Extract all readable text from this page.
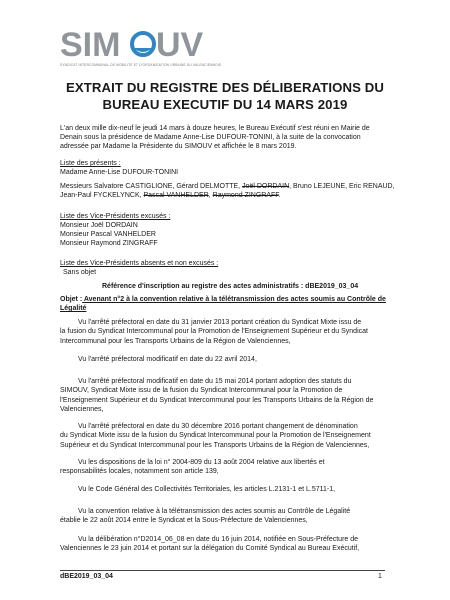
SIM UV
SYNDICAT INTERCOMMUNAL DE MOBILITÉ ET D'ORGANISATION URBAINE DU VALENCIENNOIS
EXTRAIT DU REGISTRE DES DÉLIBERATIONS DU
BUREAU EXECUTIF DU 14 MARS 2019
L'an deux mille dix-neuf le jeudi 14 mars à douze heures, le Bureau Exécutif s'est réuni en Mairie de
Denain sous la présidence de Madame Anne-Lise DUFOUR-TONINI, à la suite de la convocation
adressée par Madame la Présidente du SIMOUV et affichée le 8 mars 2019.
Liste des présents :
Madame Anne-Lise DUFOUR-TONINI
Messieurs Salvatore CASTIGLIONE, Gérard DELMOTTE, Joël DORDAIN, Bruno LEJEUNE, Eric RENAUD,
Jean-Paul FYCKELYNCK, Pascal VANHELDER, Raymond ZINGRAFF.
Liste des Vice-Présidents excusés :
Monsieur Joël DORDAIN
Monsieur Pascal VANHELDER
Monsieur Raymond ZINGRAFF
Liste des Vice-Présidents absents et non excusés :
Sans objet
Référence d'inscription au registre des actes administratifs : dBE2019_03_04
Objet : Avenant n°2 à la convention relative à la télétransmission des actes soumis au Contrôle de
Légalité
Vu l'arrêté préfectoral en date du 31 janvier 2013 portant création du Syndicat Mixte issu de
la fusion du Syndicat Intercommunal pour la Promotion de l'Enseignement Supérieur et du Syndicat
Intercommunal pour les Transports Urbains de la Région de Valenciennes,
Vu l'arrêté préfectoral modificatif en date du 22 avril 2014,
Vu l'arrêté préfectoral modificatif en date du 15 mai 2014 portant adoption des statuts du
SIMOUV, Syndicat Mixte issu de la fusion du Syndicat Intercommunal pour la Promotion de
l'Enseignement Supérieur et du Syndicat Intercommunal pour les Transports Urbains de la Région de
Valenciennes,
Vu l'arrêté préfectoral en date du 30 décembre 2016 portant changement de dénomination
du Syndicat Mixte issu de la fusion du Syndicat Intercommunal pour la Promotion de l'Enseignement
Supérieur et du Syndicat Intercommunal pour les Transports Urbains de la Région de Valenciennes,
Vu les dispositions de la loi n° 2004-809 du 13 août 2004 relative aux libertés et
responsabilités locales, notamment son article 139,
Vu le Code Général des Collectivités Territoriales, les articles L.2131-1 et L.5711-1,
Vu la convention relative à la télétransmission des actes soumis au Contrôle de Légalité
établie le 22 août 2014 entre le Syndicat et la Sous-Préfecture de Valenciennes,
Vu la délibération n°D2014_06_08 en date du 16 juin 2014, notifiée en Sous-Préfecture de
Valenciennes le 23 juin 2014 et portant sur la délégation du Comité Syndical au Bureau Exécutif,
dBE2019_03_04	1
